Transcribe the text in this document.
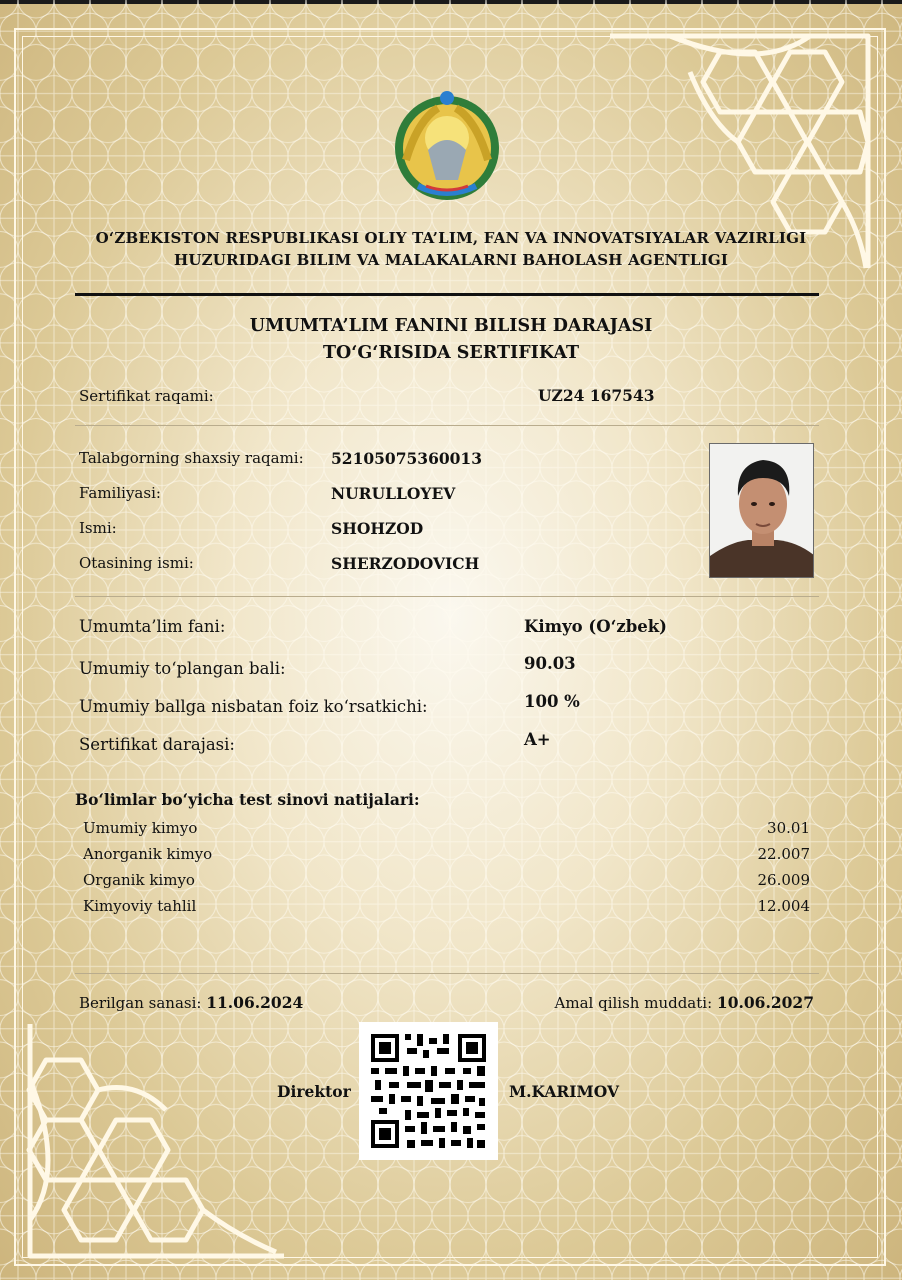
O‘ZBEKISTON RESPUBLIKASI OLIY TA’LIM, FAN VA INNOVATSIYALAR VAZIRLIGI
HUZURIDAGI BILIM VA MALAKALARNI BAHOLASH AGENTLIGI
UMUMTA’LIM FANINI BILISH DARAJASI
TO‘G‘RISIDA SERTIFIKAT
Sertifikat raqami:	UZ24 167543
Talabgorning shaxsiy raqami: 52105075360013
Familiyasi:	NURULLOYEV
Ismi:	SHOHZOD
Otasining ismi:	SHERZODOVICH
Umumta’lim fani:	Kimyo (O‘zbek)
Umumiy to‘plangan bali:	90.03
Umumiy ballga nisbatan foiz ko‘rsatkichi:	100 %
Sertifikat darajasi:	A+
Bo‘limlar bo‘yicha test sinovi natijalari:
Umumiy kimyo	30.01
Anorganik kimyo	22.007
Organik kimyo	26.009
Kimyoviy tahlil	12.004
Berilgan sanasi: 11.06.2024	Amal qilish muddati: 10.06.2027
Direktor	M.KARIMOV
